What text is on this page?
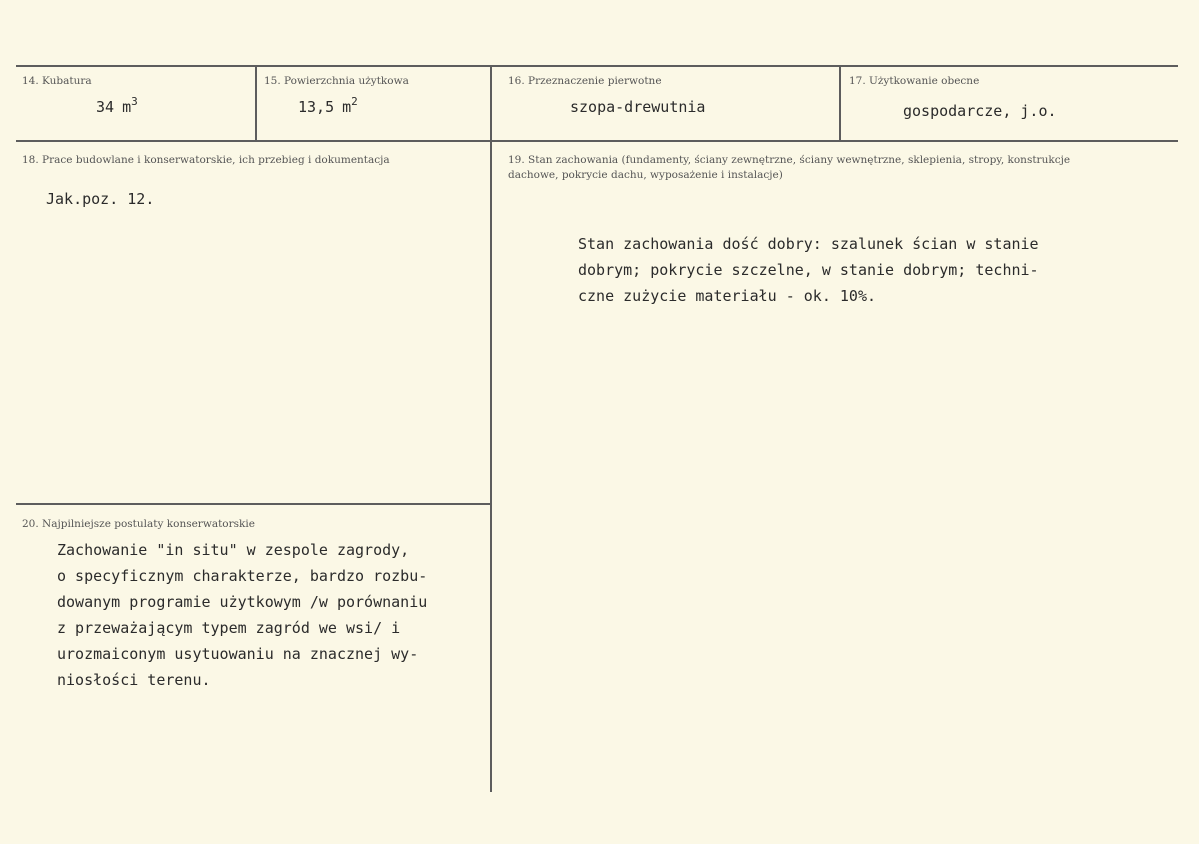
14. Kubatura
34 $m^3$
15. Powierzchnia użytkowa
13,5 $m^2$
16. Przeznaczenie pierwotne
szopa-drewutnia
17. Użytkowanie obecne
gospodarcze, j.o.
18. Prace budowlane i konserwatorskie, ich przebieg i dokumentacja
Jak.poz. 12.
19. Stan zachowania (fundamenty, ściany zewnętrzne, ściany wewnętrzne, sklepienia, stropy, konstrukcje dachowe, pokrycie dachu, wyposażenie i instalacje)
Stan zachowania dość dobry: szalunek ścian w stanie
dobrym; pokrycie szczelne, w stanie dobrym; techni-
czne zużycie materiału - ok. 10%.
20. Najpilniejsze postulaty konserwatorskie
Zachowanie "in situ" w zespole zagrody,
o specyficznym charakterze, bardzo rozbu-
dowanym programie użytkowym /w porównaniu
z przeważającym typem zagród we wsi/ i
urozmaiconym usytuowaniu na znacznej wy-
niosłości terenu.
